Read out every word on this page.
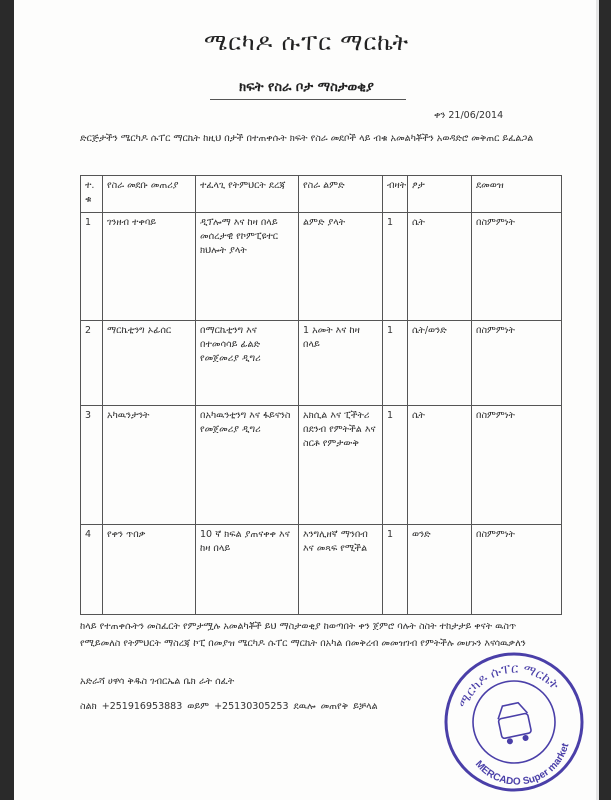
ሜርካዶ ሱፐር ማርኬት
ክፍት የስራ ቦታ ማስታወቂያ
ቀን 21/06/2014
ድርጅታችን ሜርካዶ ሱፐር ማርኬት ከዚህ በታች በተጠቀሱት ክፍት የስራ መደቦች ላይ ብቁ አመልካቾችን አወዳድሮ መቅጠር ይፈልጋል
ተ. ቁ	የስራ መደቡ መጠሪያ	ተፈላጊ የትምህርት ደረጃ	የስራ ልምድ	ብዛት	ፆታ	ደመወዝ
1	ገንዘብ ተቀባይ	ዲፕሎማ እና ከዛ በላይ መሰረታዊ የኮምፒዩተር ክህሎት ያላት	ልምድ ያላት	1	ሴት	በስምምነት
2	ማርኬቲንግ ኦፊሰር	በማርኬቲንግ እና በተመሳሳይ ፊልድ የመጀመሪያ ዲግሪ	1 አመት እና ከዛ በላይ	1	ሴት/ወንድ	በስምምነት
3	አካዉንታንት	በአካዉንቲንግ እና ፋይናንስ የመጀመሪያ ዲግሪ	አክሲል እና ፒችትሪ በደንብ የምትችል እና ስርቶ የምታውቅ	1	ሴት	በስምምነት
4	የቀን ጥበቃ	10 ኛ ክፍል ያጠናቀቀ እና ከዛ በላይ	እንግሊዘኛ ማንበብ እና መጻፍ የሚችል	1	ወንድ	በስምምነት
ከላይ የተጠቀሱትን መስፈርት የምታሟሉ አመልካቾች ይህ ማስታወቂያ ከወጣበት ቀን ጀምሮ ባሉት ስስት ተከታታይ ቀናት ዉስጥ የሚይመለስ የትምህርት ማስረጃ ኮፒ በመያዝ ሜርካዶ ሱፐር ማርኬት በአካል በመቅረብ መመዝገብ የምትችሉ መሆኑን እናሳዉቃለን
አድራሻ ሀዋሳ ቅዱስ ገብርኤል ቤክ ራት ሰፈት
ስልክ +251916953883 ወይም +25130305253 ደዉሎ መጠየቅ ይቻላል	ሜርካዶ ሱፐር ማርኬት
MERCADO Super market
